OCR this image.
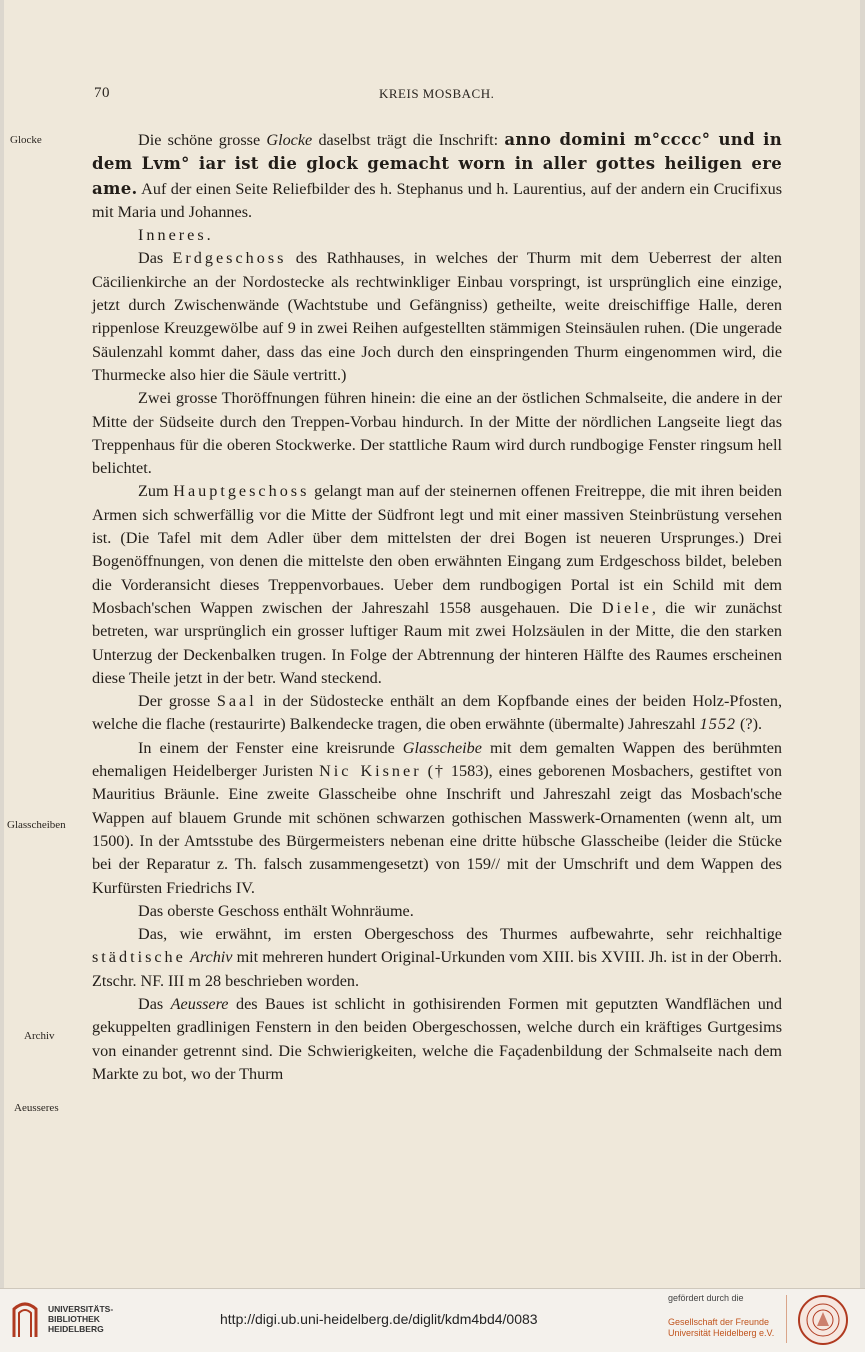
70	KREIS MOSBACH.
Glocke
Glasscheiben
Archiv
Aeusseres

Die schöne grosse Glocke daselbst trägt die Inschrift: anno domini m°cccc° und in dem Lvm° iar ist die glock gemacht worn in aller gottes heiligen ere ame. Auf der einen Seite Reliefbilder des h. Stephanus und h. Laurentius, auf der andern ein Crucifixus mit Maria und Johannes.

Inneres.

Das Erdgeschoss des Rathhauses, in welches der Thurm mit dem Ueberrest der alten Cäcilienkirche an der Nordostecke als rechtwinkliger Einbau vorspringt, ist ursprünglich eine einzige, jetzt durch Zwischenwände (Wachtstube und Gefängniss) getheilte, weite dreischiffige Halle, deren rippenlose Kreuzgewölbe auf 9 in zwei Reihen aufgestellten stämmigen Steinsäulen ruhen. (Die ungerade Säulenzahl kommt daher, dass das eine Joch durch den einspringenden Thurm eingenommen wird, die Thurmecke also hier die Säule vertritt.)

Zwei grosse Thoröffnungen führen hinein: die eine an der östlichen Schmalseite, die andere in der Mitte der Südseite durch den Treppen-Vorbau hindurch. In der Mitte der nördlichen Langseite liegt das Treppenhaus für die oberen Stockwerke. Der stattliche Raum wird durch rundbogige Fenster ringsum hell belichtet.

Zum Hauptgeschoss gelangt man auf der steinernen offenen Freitreppe, die mit ihren beiden Armen sich schwerfällig vor die Mitte der Südfront legt und mit einer massiven Steinbrüstung versehen ist. (Die Tafel mit dem Adler über dem mittelsten der drei Bogen ist neueren Ursprunges.) Drei Bogenöffnungen, von denen die mittelste den oben erwähnten Eingang zum Erdgeschoss bildet, beleben die Vorderansicht dieses Treppenvorbaues. Ueber dem rundbogigen Portal ist ein Schild mit dem Mosbach'schen Wappen zwischen der Jahreszahl 1558 ausgehauen. Die Diele, die wir zunächst betreten, war ursprünglich ein grosser luftiger Raum mit zwei Holzsäulen in der Mitte, die den starken Unterzug der Deckenbalken trugen. In Folge der Abtrennung der hinteren Hälfte des Raumes erscheinen diese Theile jetzt in der betr. Wand steckend.

Der grosse Saal in der Südostecke enthält an dem Kopfbande eines der beiden Holz-Pfosten, welche die flache (restaurirte) Balkendecke tragen, die oben erwähnte (übermalte) Jahreszahl 1552 (?).

In einem der Fenster eine kreisrunde Glasscheibe mit dem gemalten Wappen des berühmten ehemaligen Heidelberger Juristen Nic Kisner († 1583), eines geborenen Mosbachers, gestiftet von Mauritius Bräunle. Eine zweite Glasscheibe ohne Inschrift und Jahreszahl zeigt das Mosbach'sche Wappen auf blauem Grunde mit schönen schwarzen gothischen Masswerk-Ornamenten (wenn alt, um 1500). In der Amtsstube des Bürgermeisters nebenan eine dritte hübsche Glasscheibe (leider die Stücke bei der Reparatur z. Th. falsch zusammengesetzt) von 159// mit der Umschrift und dem Wappen des Kurfürsten Friedrichs IV.

Das oberste Geschoss enthält Wohnräume.

Das, wie erwähnt, im ersten Obergeschoss des Thurmes aufbewahrte, sehr reichhaltige städtische Archiv mit mehreren hundert Original-Urkunden vom XIII. bis XVIII. Jh. ist in der Oberrh. Ztschr. NF. III m 28 beschrieben worden.

Das Aeussere des Baues ist schlicht in gothisirenden Formen mit geputzten Wandflächen und gekuppelten gradlinigen Fenstern in den beiden Obergeschossen, welche durch ein kräftiges Gurtgesims von einander getrennt sind. Die Schwierigkeiten, welche die Façadenbildung der Schmalseite nach dem Markte zu bot, wo der Thurm

UNIVERSITÄTS-
BIBLIOTHEK
HEIDELBERG
http://digi.ub.uni-heidelberg.de/diglit/kdm4bd4/0083
gefördert durch die
Gesellschaft der Freunde
Universität Heidelberg e.V.
